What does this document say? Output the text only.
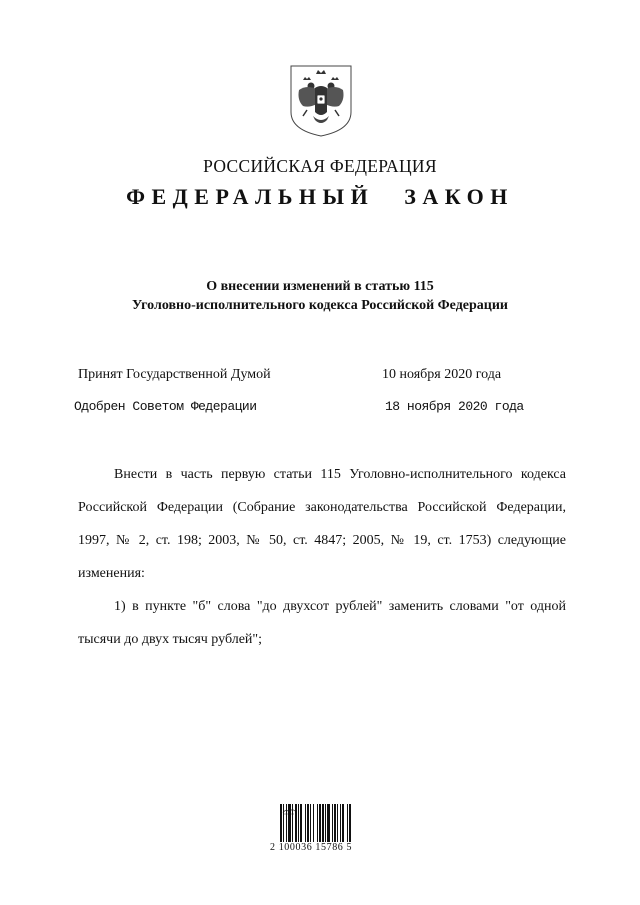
РОССИЙСКАЯ ФЕДЕРАЦИЯ
ФЕДЕРАЛЬНЫЙ ЗАКОН
О внесении изменений в статью 115
Уголовно-исполнительного кодекса Российской Федерации
Принят Государственной Думой	10 ноября 2020 года
Одобрен Советом Федерации	18 ноября 2020 года

Внести в часть первую статьи 115 Уголовно-исполнительного кодекса Российской Федерации (Собрание законодательства Российской Федерации, 1997, № 2, ст. 198; 2003, № 50, ст. 4847; 2005, № 19, ст. 1753) следующие изменения:

1) в пункте "б" слова "до двухсот рублей" заменить словами "от одной тысячи до двух тысяч рублей";

2 100036 15786 5
